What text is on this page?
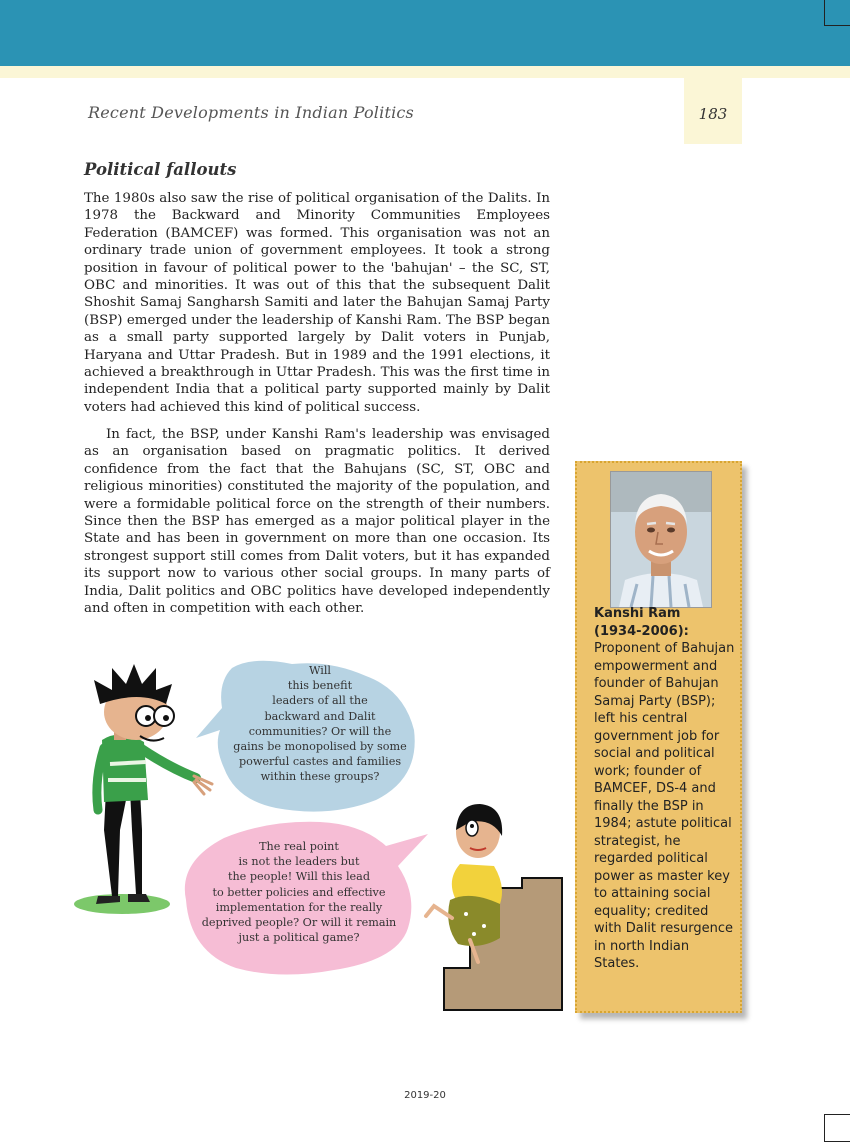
Recent Developments in Indian Politics	183
Political fallouts
The 1980s also saw the rise of political organisation of the Dalits. In 1978 the Backward and Minority Communities Employees Federation (BAMCEF) was formed. This organisation was not an ordinary trade union of government employees. It took a strong position in favour of political power to the 'bahujan' – the SC, ST, OBC and minorities. It was out of this that the subsequent Dalit Shoshit Samaj Sangharsh Samiti and later the Bahujan Samaj Party (BSP) emerged under the leadership of Kanshi Ram. The BSP began as a small party supported largely by Dalit voters in Punjab, Haryana and Uttar Pradesh. But in 1989 and the 1991 elections, it achieved a breakthrough in Uttar Pradesh. This was the first time in independent India that a political party supported mainly by Dalit voters had achieved this kind of political success.
In fact, the BSP, under Kanshi Ram's leadership was envisaged as an organisation based on pragmatic politics. It derived confidence from the fact that the Bahujans (SC, ST, OBC and religious minorities) constituted the majority of the population, and were a formidable political force on the strength of their numbers. Since then the BSP has emerged as a major political player in the State and has been in government on more than one occasion. Its strongest support still comes from Dalit voters, but it has expanded its support now to various other social groups. In many parts of India, Dalit politics and OBC politics have developed independently and often in competition with each other.	Kanshi Ram
(1934-2006):
Proponent of Bahujan empowerment and founder of Bahujan Samaj Party (BSP); left his central government job for social and political work; founder of BAMCEF, DS-4 and finally the BSP in 1984; astute political strategist, he regarded political power as master key to attaining social equality; credited with Dalit resurgence in north Indian States.
Will
this benefit
leaders of all the
backward and Dalit
communities? Or will the
gains be monopolised by some
powerful castes and families
within these groups?
The real point
is not the leaders but
the people! Will this lead
to better policies and effective
implementation for the really
deprived people? Or will it remain
just a political game?
2019-20
